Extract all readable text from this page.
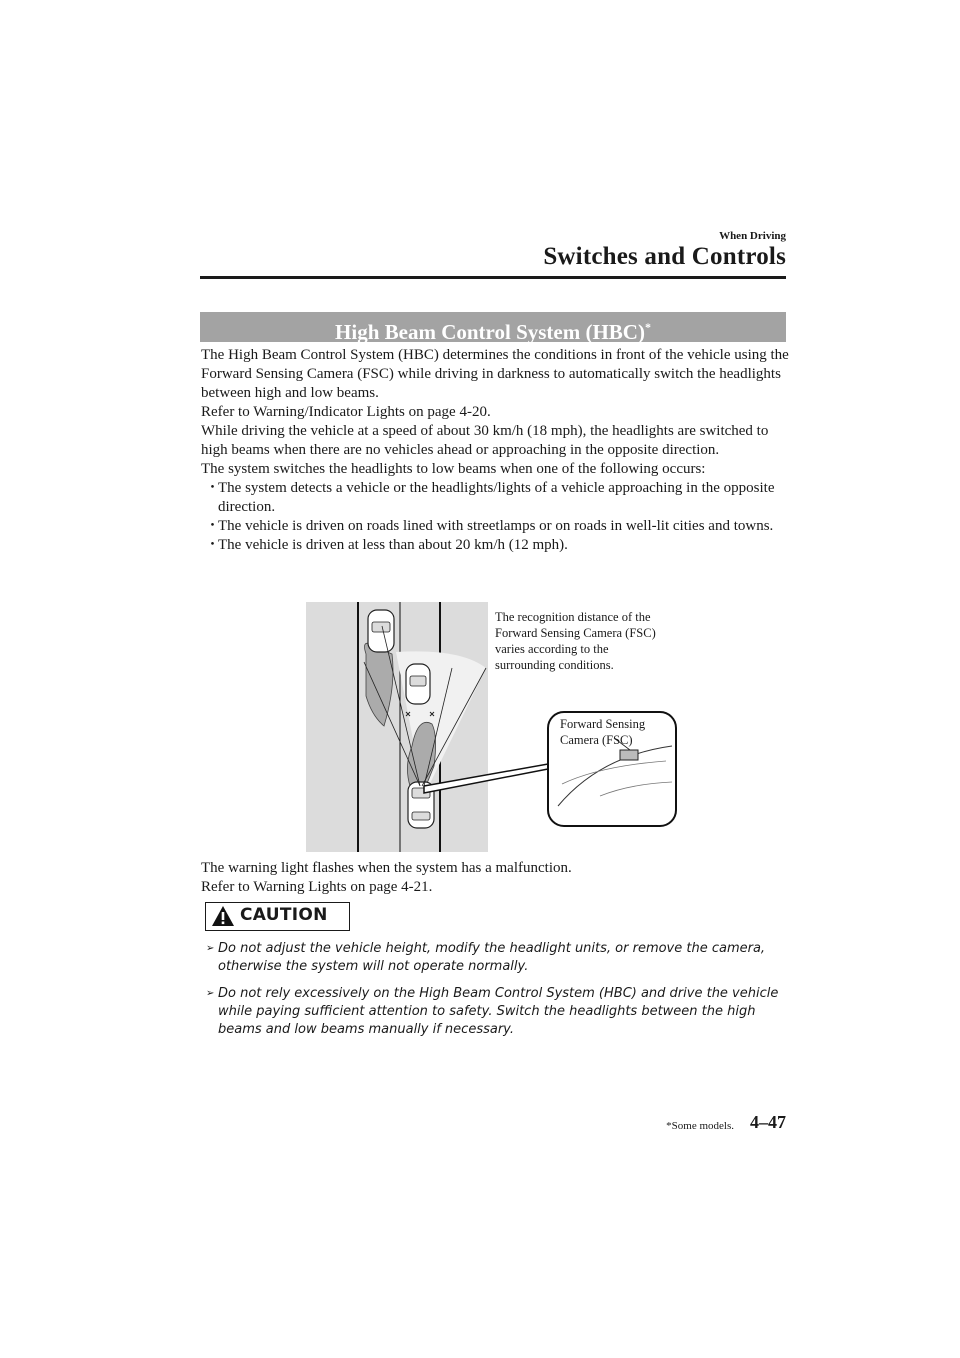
When Driving
Switches and Controls
High Beam Control System (HBC)*

The High Beam Control System (HBC) determines the conditions in front of the vehicle using the Forward Sensing Camera (FSC) while driving in darkness to automatically switch the headlights between high and low beams.

Refer to Warning/Indicator Lights on page 4-20.

While driving the vehicle at a speed of about 30 km/h (18 mph), the headlights are switched to high beams when there are no vehicles ahead or approaching in the opposite direction.

The system switches the headlights to low beams when one of the following occurs:

・
The system detects a vehicle or the headlights/lights of a vehicle approaching in the opposite direction.
・
The vehicle is driven on roads lined with streetlamps or on roads in well-lit cities and towns.
・
The vehicle is driven at less than about 20 km/h (12 mph).
The recognition distance of the
Forward Sensing Camera (FSC)
varies according to the
surrounding conditions.
Forward Sensing
Camera (FSC)

The warning light flashes when the system has a malfunction.

Refer to Warning Lights on page 4-21.

CAUTION
➢ Do not adjust the vehicle height, modify the headlight units, or remove the camera, otherwise the system will not operate normally.
➢ Do not rely excessively on the High Beam Control System (HBC) and drive the vehicle while paying sufficient attention to safety. Switch the headlights between the high beams and low beams manually if necessary.
*Some models. 4–47
